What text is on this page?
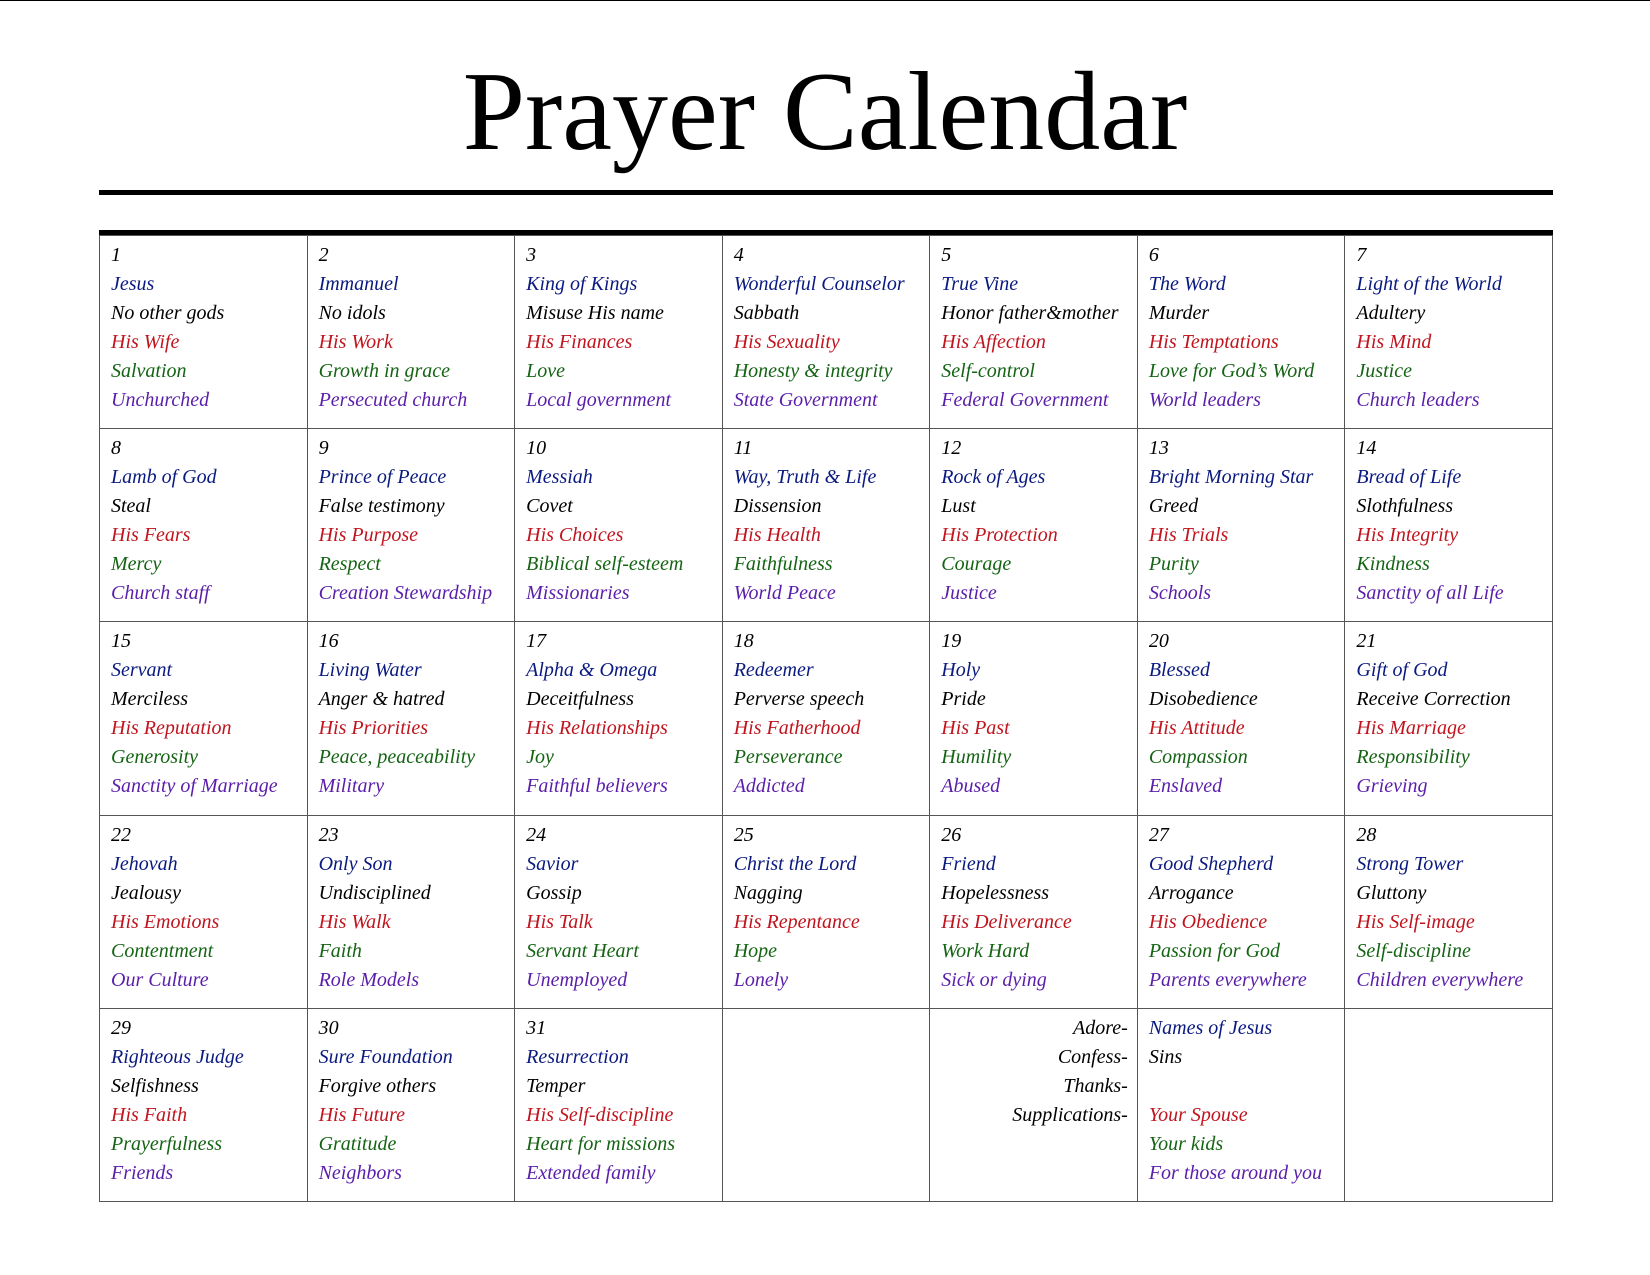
Prayer Calendar
1
Jesus
No other gods
His Wife
Salvation
Unchurched
2
Immanuel
No idols
His Work
Growth in grace
Persecuted church
3
King of Kings
Misuse His name
His Finances
Love
Local government
4
Wonderful Counselor
Sabbath
His Sexuality
Honesty & integrity
State Government
5
True Vine
Honor father&mother
His Affection
Self-control
Federal Government
6
The Word
Murder
His Temptations
Love for God’s Word
World leaders
7
Light of the World
Adultery
His Mind
Justice
Church leaders
8
Lamb of God
Steal
His Fears
Mercy
Church staff
9
Prince of Peace
False testimony
His Purpose
Respect
Creation Stewardship
10
Messiah
Covet
His Choices
Biblical self-esteem
Missionaries
11
Way, Truth & Life
Dissension
His Health
Faithfulness
World Peace
12
Rock of Ages
Lust
His Protection
Courage
Justice
13
Bright Morning Star
Greed
His Trials
Purity
Schools
14
Bread of Life
Slothfulness
His Integrity
Kindness
Sanctity of all Life
15
Servant
Merciless
His Reputation
Generosity
Sanctity of Marriage
16
Living Water
Anger & hatred
His Priorities
Peace, peaceability
Military
17
Alpha & Omega
Deceitfulness
His Relationships
Joy
Faithful believers
18
Redeemer
Perverse speech
His Fatherhood
Perseverance
Addicted
19
Holy
Pride
His Past
Humility
Abused
20
Blessed
Disobedience
His Attitude
Compassion
Enslaved
21
Gift of God
Receive Correction
His Marriage
Responsibility
Grieving
22
Jehovah
Jealousy
His Emotions
Contentment
Our Culture
23
Only Son
Undisciplined
His Walk
Faith
Role Models
24
Savior
Gossip
His Talk
Servant Heart
Unemployed
25
Christ the Lord
Nagging
His Repentance
Hope
Lonely
26
Friend
Hopelessness
His Deliverance
Work Hard
Sick or dying
27
Good Shepherd
Arrogance
His Obedience
Passion for God
Parents everywhere
28
Strong Tower
Gluttony
His Self-image
Self-discipline
Children everywhere
29
Righteous Judge
Selfishness
His Faith
Prayerfulness
Friends
30
Sure Foundation
Forgive others
His Future
Gratitude
Neighbors
31
Resurrection
Temper
His Self-discipline
Heart for missions
Extended family
Adore-
Confess-
Thanks-
Supplications-
Names of Jesus
Sins
Your Spouse
Your kids
For those around you
